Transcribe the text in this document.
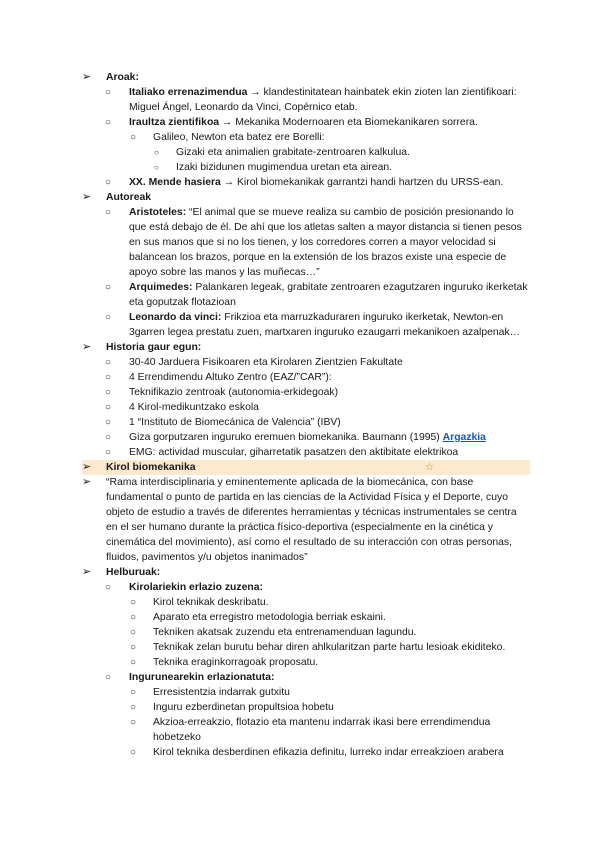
➢ Aroak:
○ Italiako errenazimendua → klandestinitatean hainbatek ekin zioten lan zientifikoari: Miguel Ángel, Leonardo da Vinci, Copérnico etab.
○ Iraultza zientifikoa → Mekanika Modernoaren eta Biomekanikaren sorrera.
○ Galileo, Newton eta batez ere Borelli:
○ Gizaki eta animalien grabitate-zentroaren kalkulua.
○ Izaki bizidunen mugimendua uretan eta airean.
○ XX. Mende hasiera → Kirol biomekanikak garrantzi handi hartzen du URSS-ean.
➢ Autoreak
○ Aristoteles: “El animal que se mueve realiza su cambio de posición presionando lo que está debajo de él. De ahí que los atletas salten a mayor distancia si tienen pesos en sus manos que si no los tienen, y los corredores corren a mayor velocidad si balancean los brazos, porque en la extensión de los brazos existe una especie de apoyo sobre las manos y las muñecas…”
○ Arquimedes: Palankaren legeak, grabitate zentroaren ezagutzaren inguruko ikerketak eta goputzak flotazioan
○ Leonardo da vinci: Frikzioa eta marruzkaduraren inguruko ikerketak, Newton-en 3garren legea prestatu zuen, martxaren inguruko ezaugarri mekanikoen azalpenak…
➢ Historia gaur egun:
○ 30-40 Jarduera Fisikoaren eta Kirolaren Zientzien Fakultate
○ 4 Errendimendu Altuko Zentro (EAZ/”CAR”):
○ Teknifikazio zentroak (autonomia-erkidegoak)
○ 4 Kirol-medikuntzako eskola
○ 1 “Instituto de Biomecánica de Valencia” (IBV)
○ Giza gorputzaren inguruko eremuen biomekanika. Baumann (1995) Argazkia
○ EMG: actividad muscular, giharretatik pasatzen den aktibitate elektrikoa
➢ Kirol biomekanika	☆
➢ “Rama interdisciplinaria y eminentemente aplicada de la biomecánica, con base fundamental o punto de partida en las ciencias de la Actividad Física y el Deporte, cuyo objeto de estudio a través de diferentes herramientas y técnicas instrumentales se centra en el ser humano durante la práctica físico-deportiva (especialmente en la cinética y cinemática del movimiento), así como el resultado de su interacción con otras personas, fluidos, pavimentos y/u objetos inanimados”
➢ Helburuak:
○ Kirolariekin erlazio zuzena:
○ Kirol teknikak deskribatu.
○ Aparato eta erregistro metodologia berriak eskaini.
○ Tekniken akatsak zuzendu eta entrenamenduan lagundu.
○ Teknikak zelan burutu behar diren ahlkularitzan parte hartu lesioak ekiditeko.
○ Teknika eraginkorragoak proposatu.
○ Ingurunearekin erlazionatuta:
○ Erresistentzia indarrak gutxitu
○ Inguru ezberdinetan propultsioa hobetu
○ Akzioa-erreakzio, flotazio eta mantenu indarrak ikasi bere errendimendua hobetzeko
○ Kirol teknika desberdinen efikazia definitu, lurreko indar erreakzioen arabera
